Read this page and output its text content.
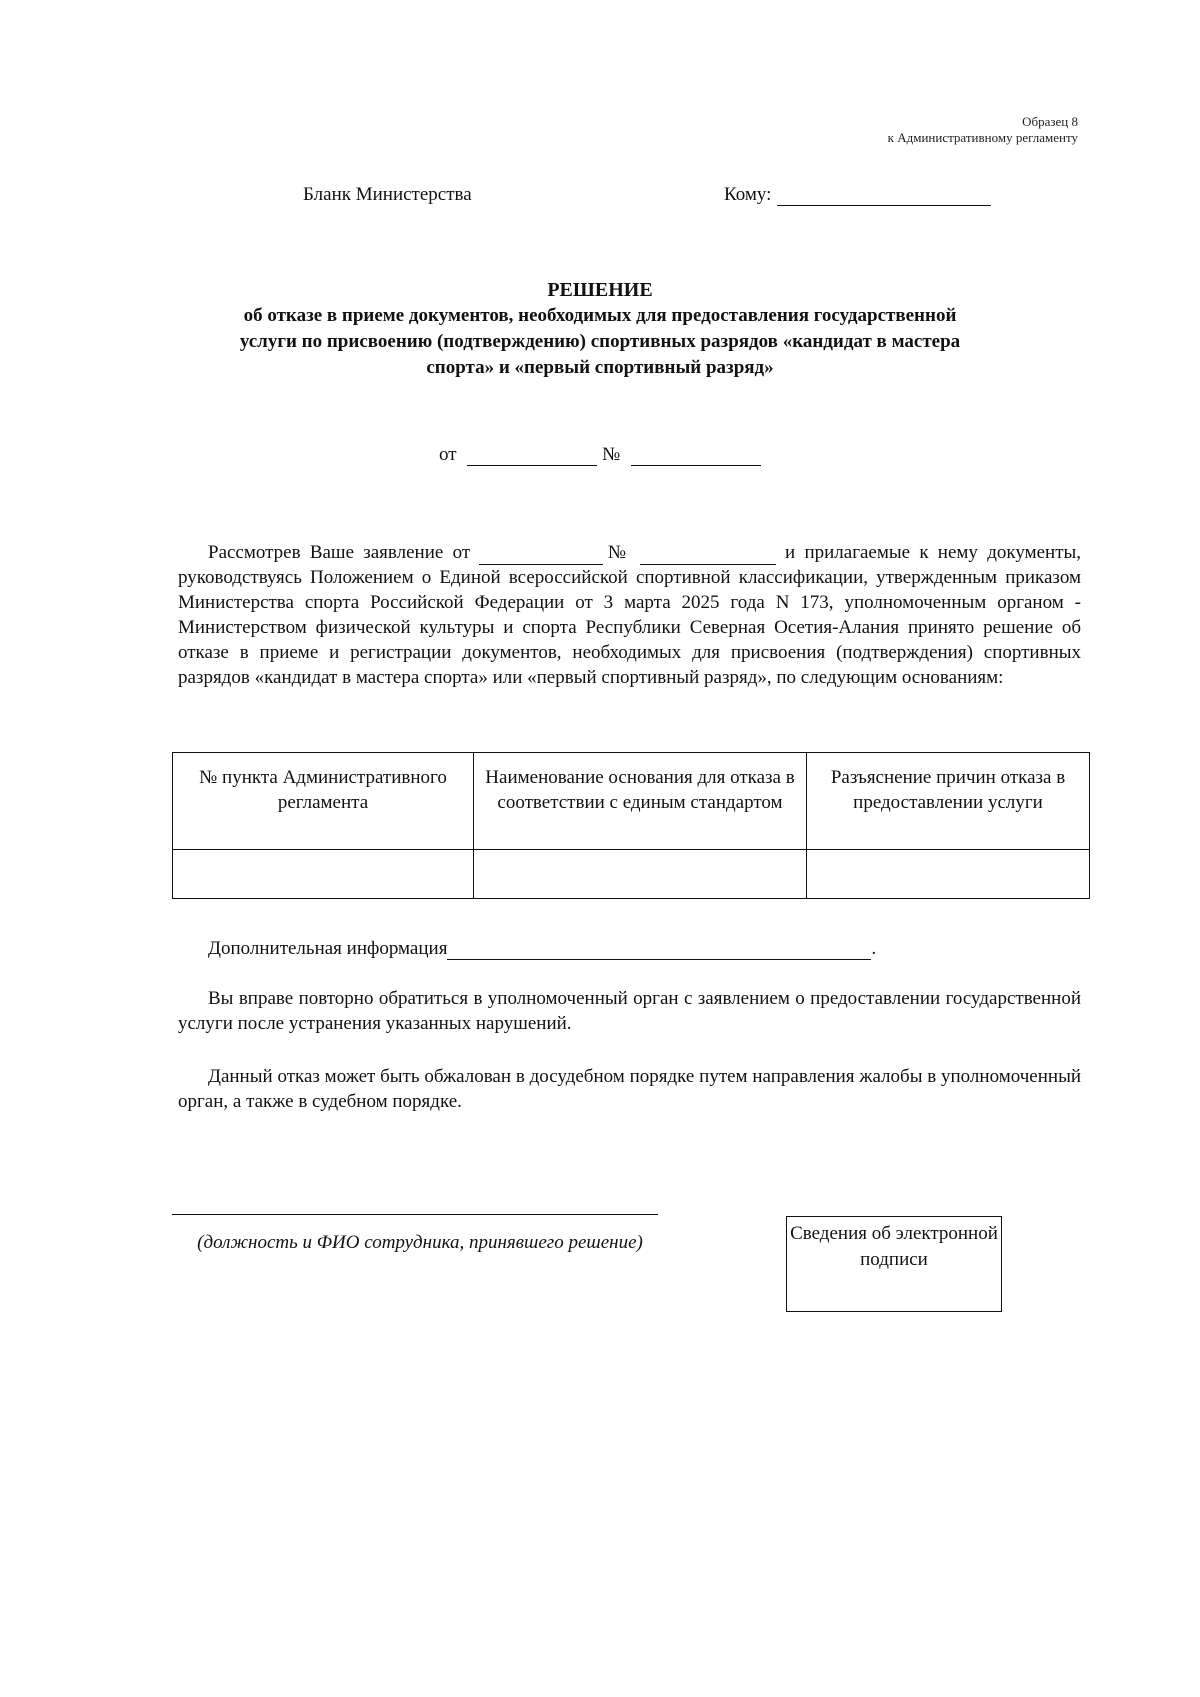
Образец 8
к Административному регламенту
Бланк Министерства	Кому:
РЕШЕНИЕ
об отказе в приеме документов, необходимых для предоставления государственной
услуги по присвоению (подтверждению) спортивных разрядов «кандидат в мастера
спорта» и «первый спортивный разряд»
от	№
Рассмотрев Ваше заявление от	№	и прилагаемые к нему документы, руководствуясь Положением о Единой всероссийской спортивной классификации, утвержденным приказом Министерства спорта Российской Федерации от 3 марта 2025 года N 173, уполномоченным органом - Министерством физической культуры и спорта Республики Северная Осетия-Алания принято решение об отказе в приеме и регистрации документов, необходимых для присвоения (подтверждения) спортивных разрядов «кандидат в мастера спорта» или «первый спортивный разряд», по следующим основаниям:
№ пункта Административного регламента	Наименование основания для отказа в соответствии с единым стандартом	Разъяснение причин отказа в предоставлении услуги

Дополнительная информация	.
Вы вправе повторно обратиться в уполномоченный орган с заявлением о предоставлении государственной услуги после устранения указанных нарушений.
Данный отказ может быть обжалован в досудебном порядке путем направления жалобы в уполномоченный орган, а также в судебном порядке.
(должность и ФИО сотрудника, принявшего решение)	Сведения об электронной подписи
